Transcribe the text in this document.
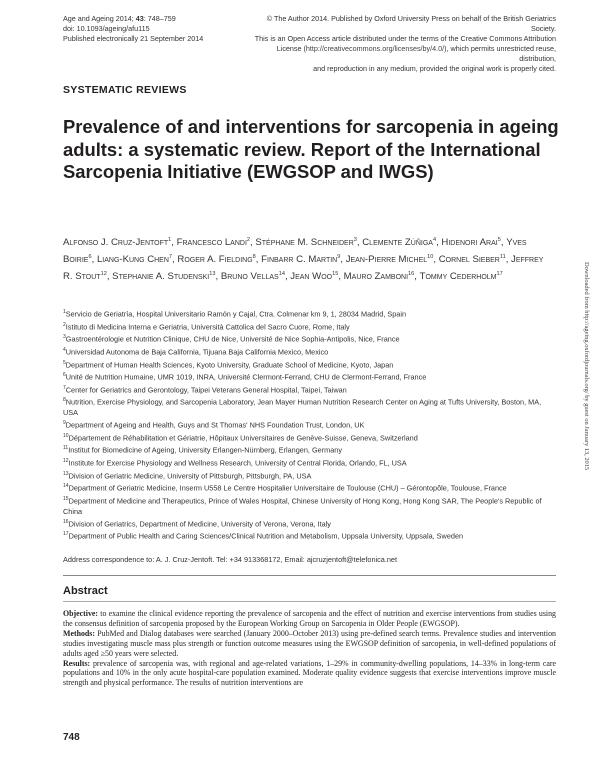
Age and Ageing 2014; 43: 748–759
doi: 10.1093/ageing/afu115
Published electronically 21 September 2014
© The Author 2014. Published by Oxford University Press on behalf of the British Geriatrics Society.
This is an Open Access article distributed under the terms of the Creative Commons Attribution
License (http://creativecommons.org/licenses/by/4.0/), which permits unrestricted reuse, distribution,
and reproduction in any medium, provided the original work is properly cited.
SYSTEMATIC REVIEWS
Prevalence of and interventions for sarcopenia in ageing adults: a systematic review. Report of the International Sarcopenia Initiative (EWGSOP and IWGS)
Alfonso J. Cruz-Jentoft$^1$, Francesco Landi$^2$, Stéphane M. Schneider$^3$, Clemente Zúñiga$^4$, Hidenori Arai$^5$, Yves Boirie$^6$, Liang-Kung Chen$^7$, Roger A. Fielding$^8$, Finbarr C. Martin$^9$, Jean-Pierre Michel$^{10}$, Cornel Sieber$^{11}$, Jeffrey R. Stout$^{12}$, Stephanie A. Studenski$^{13}$, Bruno Vellas$^{14}$, Jean Woo$^{15}$, Mauro Zamboni$^{16}$, Tommy Cederholm$^{17}$
$^1$Servicio de Geriatría, Hospital Universitario Ramón y Cajal, Ctra. Colmenar km 9, 1, 28034 Madrid, Spain
$^2$Istituto di Medicina Interna e Geriatria, Università Cattolica del Sacro Cuore, Rome, Italy
$^3$Gastroentérologie et Nutrition Clinique, CHU de Nice, Université de Nice Sophia-Antipolis, Nice, France
$^4$Universidad Autonoma de Baja California, Tijuana Baja California Mexico, Mexico
$^5$Department of Human Health Sciences, Kyoto University, Graduate School of Medicine, Kyoto, Japan
$^6$Unité de Nutrition Humaine, UMR 1019, INRA, Université Clermont-Ferrand, CHU de Clermont-Ferrand, France
$^7$Center for Geriatrics and Gerontology, Taipei Veterans General Hospital, Taipei, Taiwan
$^8$Nutrition, Exercise Physiology, and Sarcopenia Laboratory, Jean Mayer Human Nutrition Research Center on Aging at Tufts University, Boston, MA, USA
$^9$Department of Ageing and Health, Guys and St Thomas' NHS Foundation Trust, London, UK
$^{10}$Département de Réhabilitation et Gériatrie, Hôpitaux Universitaires de Genève-Suisse, Geneva, Switzerland
$^{11}$Institut for Biomedicine of Ageing, University Erlangen-Nürnberg, Erlangen, Germany
$^{12}$Institute for Exercise Physiology and Wellness Research, University of Central Florida, Orlando, FL, USA
$^{13}$Division of Geriatric Medicine, University of Pittsburgh, Pittsburgh, PA, USA
$^{14}$Department of Geriatric Medicine, Inserm U558 Le Centre Hospitalier Universitaire de Toulouse (CHU) – Gérontopôle, Toulouse, France
$^{15}$Department of Medicine and Therapeutics, Prince of Wales Hospital, Chinese University of Hong Kong, Hong Kong SAR, The People's Republic of China
$^{16}$Division of Geriatrics, Department of Medicine, University of Verona, Verona, Italy
$^{17}$Department of Public Health and Caring Sciences/Clinical Nutrition and Metabolism, Uppsala University, Uppsala, Sweden
Address correspondence to: A. J. Cruz-Jentoft. Tel: +34 913368172, Email: ajcruzjentoft@telefonica.net
Abstract

Objective: to examine the clinical evidence reporting the prevalence of sarcopenia and the effect of nutrition and exercise interventions from studies using the consensus definition of sarcopenia proposed by the European Working Group on Sarcopenia in Older People (EWGSOP).

Methods: PubMed and Dialog databases were searched (January 2000–October 2013) using pre-defined search terms. Prevalence studies and intervention studies investigating muscle mass plus strength or function outcome measures using the EWGSOP definition of sarcopenia, in well-defined populations of adults aged ≥50 years were selected.

Results: prevalence of sarcopenia was, with regional and age-related variations, 1–29% in community-dwelling populations, 14–33% in long-term care populations and 10% in the only acute hospital-care population examined. Moderate quality evidence suggests that exercise interventions improve muscle strength and physical performance. The results of nutrition interventions are

748
Downloaded from http://ageing.oxfordjournals.org/ by guest on January 13, 2015
